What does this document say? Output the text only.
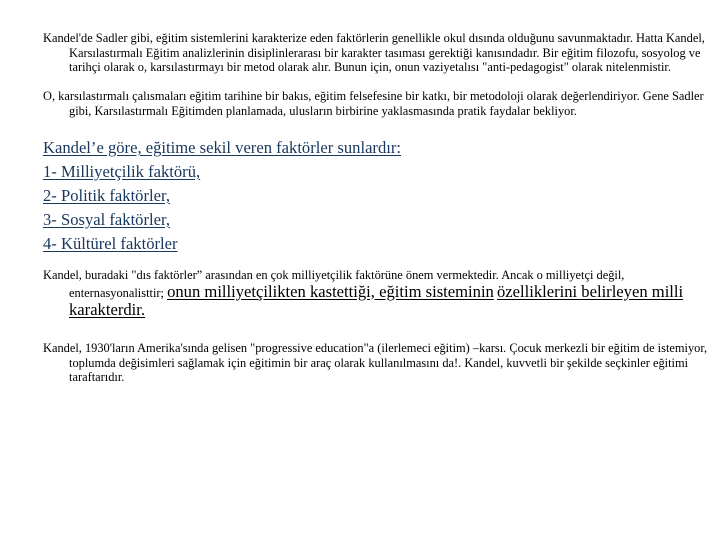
Kandel'de Sadler gibi, eğitim sistemlerini karakterize eden faktörlerin genellikle okul dısında olduğunu savunmaktadır. Hatta Kandel, Karsılastırmalı Eğitim analizlerinin disiplinlerarası bir karakter tasıması gerektiği kanısındadır. Bir eğitim filozofu, sosyolog ve tarihçi olarak o, karsılastırmayı bir metod olarak alır. Bunun için, onun vaziyetalısı "anti-pedagogist" olarak nitelenmistir.

O, karsılastırmalı çalısmaları eğitim tarihine bir bakıs, eğitim felsefesine bir katkı, bir metodoloji olarak değerlendiriyor. Gene Sadler gibi, Karsılastırmalı Eğitimden planlamada, ulusların birbirine yaklasmasında pratik faydalar bekliyor.

Kandel’e göre, eğitime sekil veren faktörler sunlardır:
1- Milliyetçilik faktörü,
2- Politik faktörler,
3- Sosyal faktörler,
4- Kültürel faktörler

Kandel, buradaki "dıs faktörler” arasından en çok milliyetçilik faktörüne önem vermektedir. Ancak o milliyetçi değil, enternasyonalisttir; onun milliyetçilikten kastettiği, eğitim sisteminin özelliklerini belirleyen milli karakterdir.

Kandel, 1930'ların Amerika'sında gelisen "progressive education"a (ilerlemeci eğitim) –karsı. Çocuk merkezli bir eğitim de istemiyor, toplumda değisimleri sağlamak için eğitimin bir araç olarak kullanılmasını da!. Kandel, kuvvetli bir şekilde seçkinler eğitimi taraftarıdır.
